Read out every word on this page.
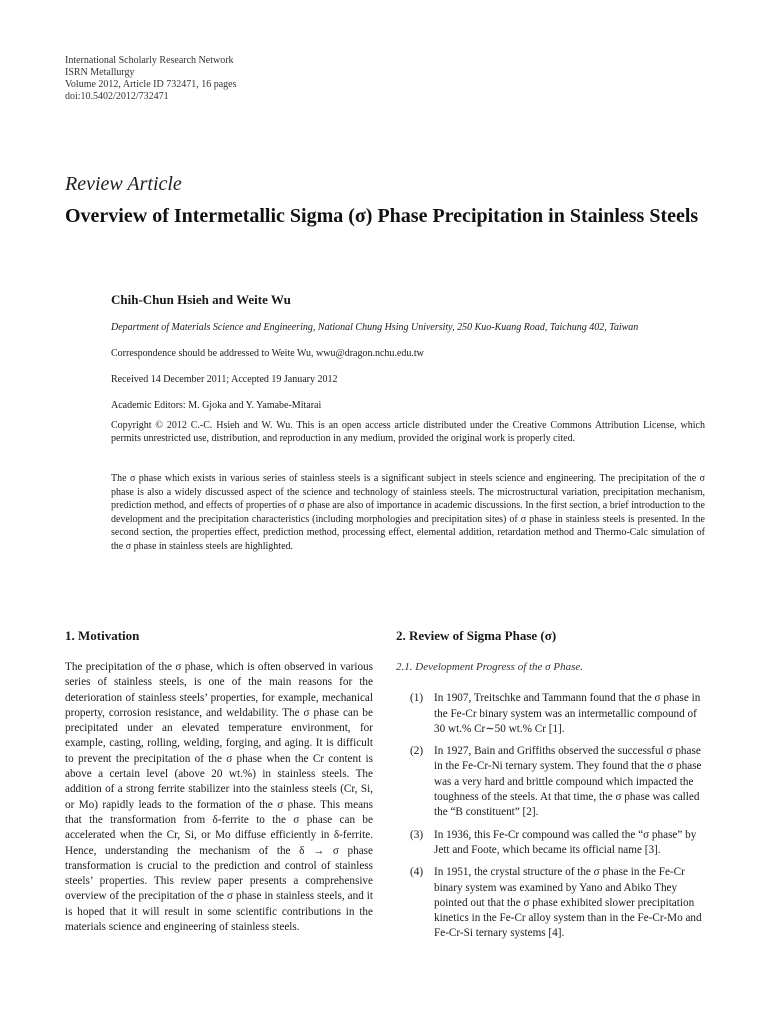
International Scholarly Research Network
ISRN Metallurgy
Volume 2012, Article ID 732471, 16 pages
doi:10.5402/2012/732471
Review Article
Overview of Intermetallic Sigma (σ) Phase Precipitation in Stainless Steels
Chih-Chun Hsieh and Weite Wu
Department of Materials Science and Engineering, National Chung Hsing University, 250 Kuo-Kuang Road, Taichung 402, Taiwan
Correspondence should be addressed to Weite Wu, wwu@dragon.nchu.edu.tw
Received 14 December 2011; Accepted 19 January 2012
Academic Editors: M. Gjoka and Y. Yamabe-Mitarai
Copyright © 2012 C.-C. Hsieh and W. Wu. This is an open access article distributed under the Creative Commons Attribution License, which permits unrestricted use, distribution, and reproduction in any medium, provided the original work is properly cited.
The σ phase which exists in various series of stainless steels is a significant subject in steels science and engineering. The precipitation of the σ phase is also a widely discussed aspect of the science and technology of stainless steels. The microstructural variation, precipitation mechanism, prediction method, and effects of properties of σ phase are also of importance in academic discussions. In the first section, a brief introduction to the development and the precipitation characteristics (including morphologies and precipitation sites) of σ phase in stainless steels is presented. In the second section, the properties effect, prediction method, processing effect, elemental addition, retardation method and Thermo-Calc simulation of the σ phase in stainless steels are highlighted.
1. Motivation

The precipitation of the σ phase, which is often observed in various series of stainless steels, is one of the main reasons for the deterioration of stainless steels’ properties, for example, mechanical property, corrosion resistance, and weldability. The σ phase can be precipitated under an elevated temperature environment, for example, casting, rolling, welding, forging, and aging. It is difficult to prevent the precipitation of the σ phase when the Cr content is above a certain level (above 20 wt.%) in stainless steels. The addition of a strong ferrite stabilizer into the stainless steels (Cr, Si, or Mo) rapidly leads to the formation of the σ phase. This means that the transformation from δ-ferrite to the σ phase can be accelerated when the Cr, Si, or Mo diffuse efficiently in δ-ferrite. Hence, understanding the mechanism of the δ → σ phase transformation is crucial to the prediction and control of stainless steels’ properties. This review paper presents a comprehensive overview of the precipitation of the σ phase in stainless steels, and it is hoped that it will result in some scientific contributions in the materials science and engineering of stainless steels.

2. Review of Sigma Phase (σ)
2.1. Development Progress of the σ Phase.
(1) In 1907, Treitschke and Tammann found that the σ phase in the Fe-Cr binary system was an intermetallic compound of 30 wt.% Cr∼50 wt.% Cr [1].
(2) In 1927, Bain and Griffiths observed the successful σ phase in the Fe-Cr-Ni ternary system. They found that the σ phase was a very hard and brittle compound which impacted the toughness of the steels. At that time, the σ phase was called the “B constituent” [2].
(3) In 1936, this Fe-Cr compound was called the “σ phase” by Jett and Foote, which became its official name [3].
(4) In 1951, the crystal structure of the σ phase in the Fe-Cr binary system was examined by Yano and Abiko They pointed out that the σ phase exhibited slower precipitation kinetics in the Fe-Cr alloy system than in the Fe-Cr-Mo and Fe-Cr-Si ternary systems [4].
